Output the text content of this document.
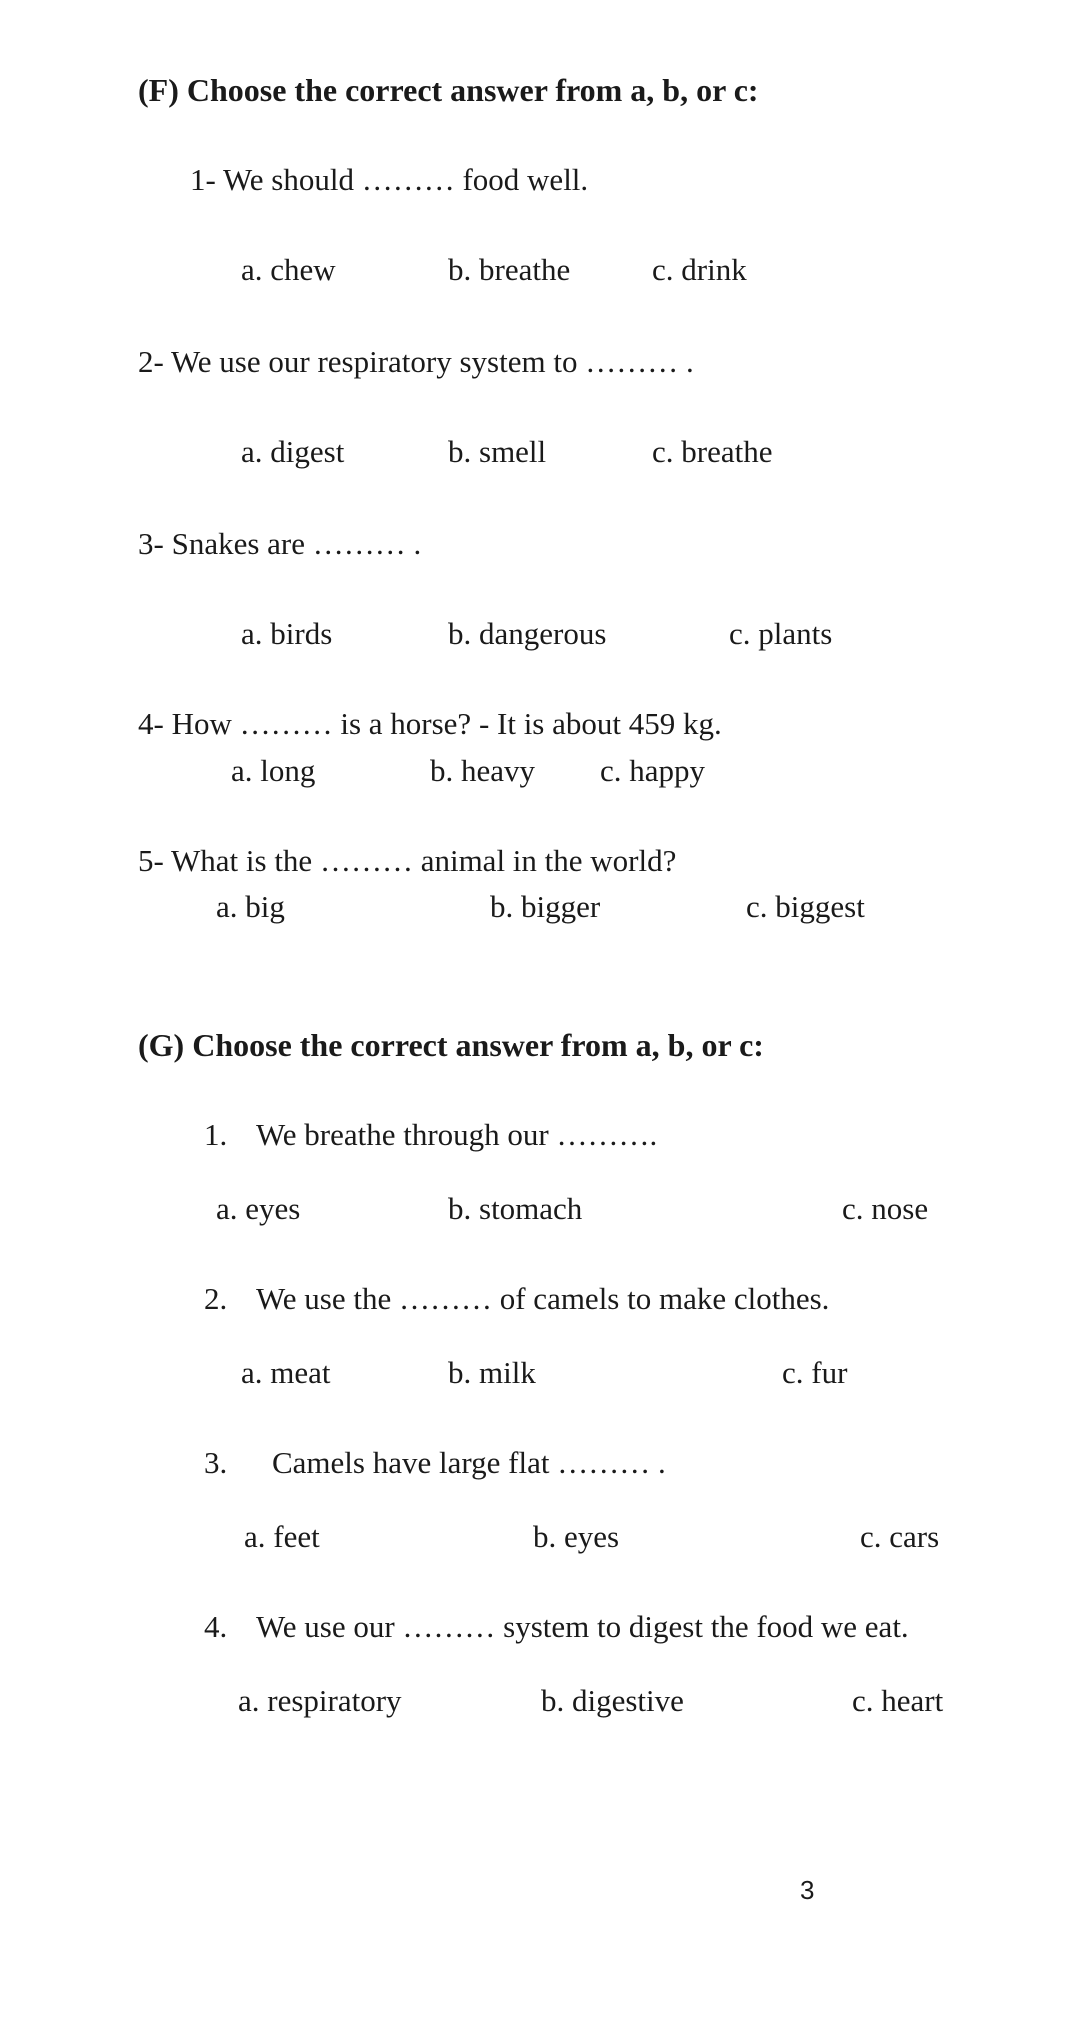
(F) Choose the correct answer from a, b, or c:
1- We should ……… food well.
a. chew	b. breathe	c. drink
2- We use our respiratory system to ……… .
a. digest	b. smell	c. breathe
3- Snakes are ……… .
a. birds	b. dangerous	c. plants
4- How ……… is a horse? - It is about 459 kg.
a. long	b. heavy c. happy
5- What is the ……… animal in the world?
a. big	b. bigger	c. biggest
(G) Choose the correct answer from a, b, or c:
1. We breathe through our ……….
a. eyes	b. stomach	c. nose
2. We use the ……… of camels to make clothes.
a. meat	b. milk	c. fur
3. Camels have large flat ……… .
a. feet	b. eyes	c. cars
4. We use our ……… system to digest the food we eat.
a. respiratory	b. digestive	c. heart
3
